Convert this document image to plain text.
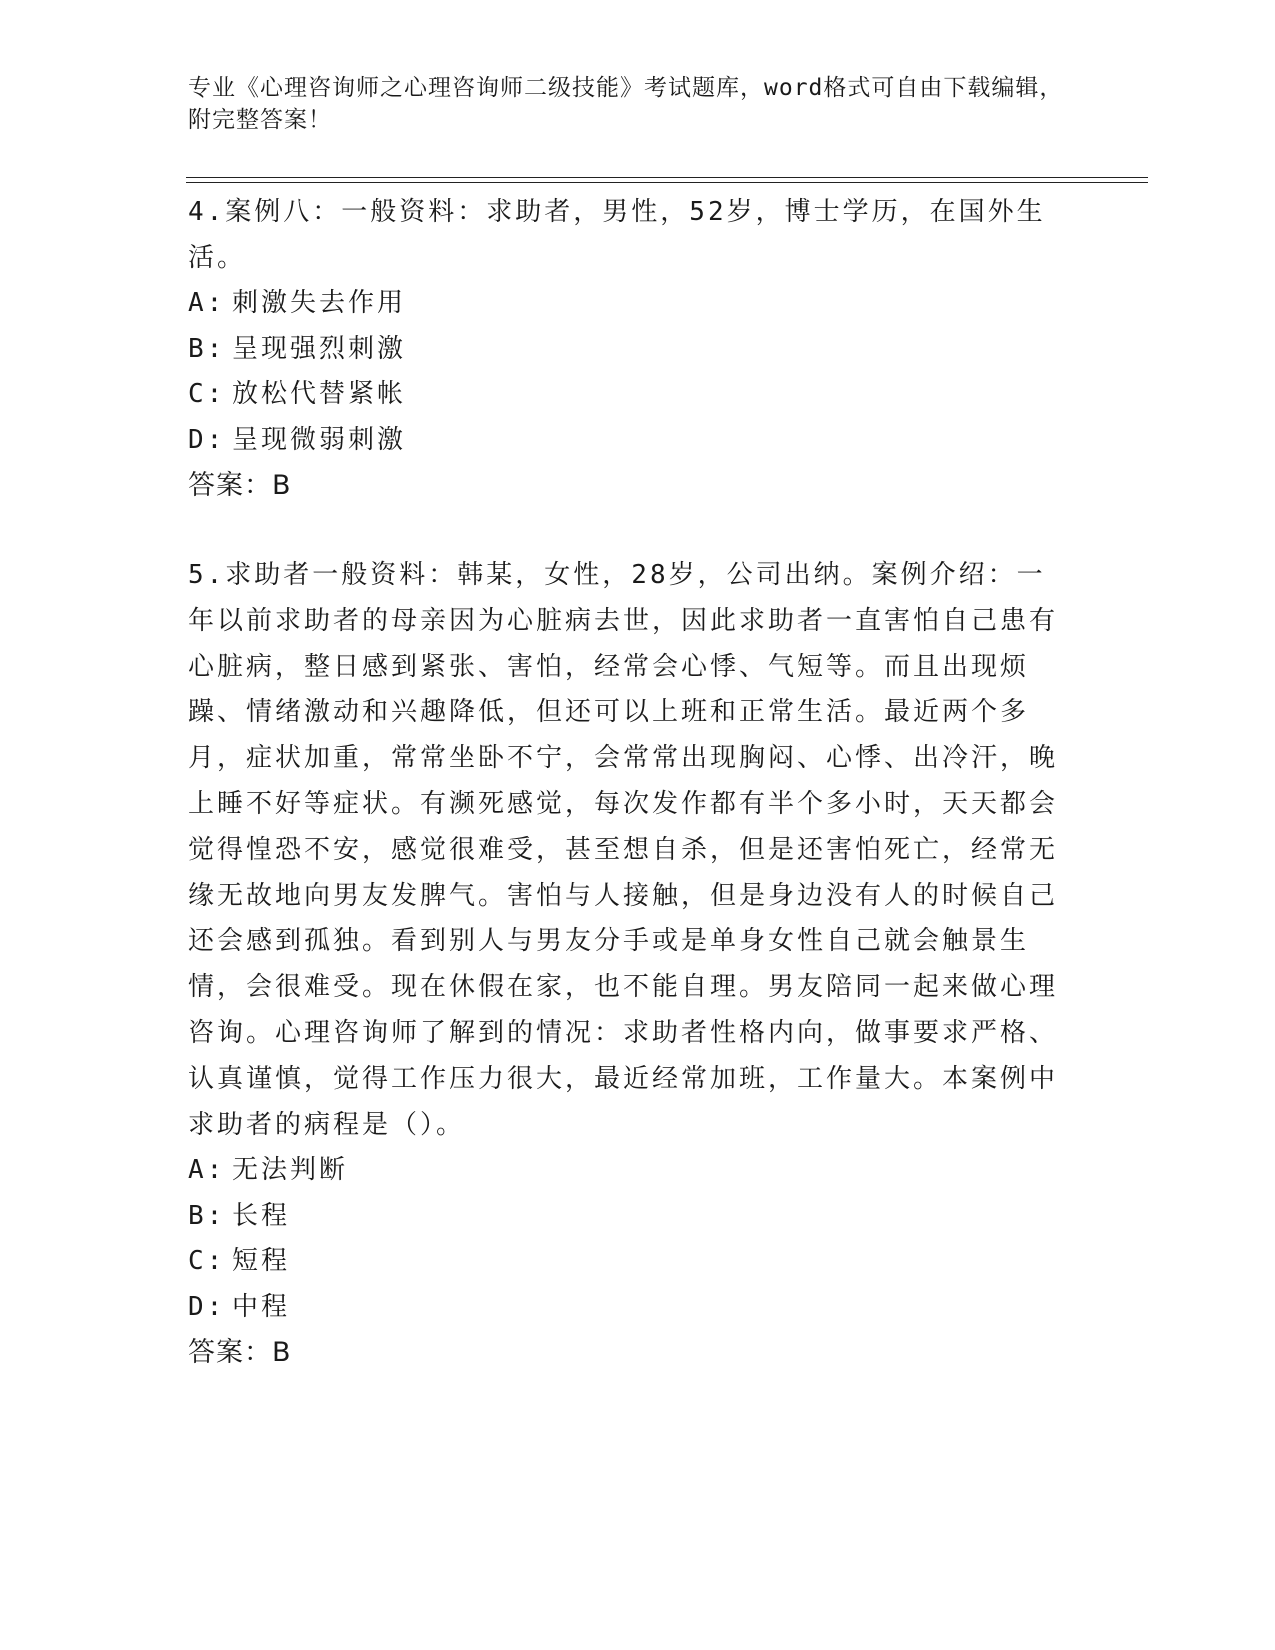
专业《心理咨询师之心理咨询师二级技能》考试题库，word格式可自由下载编辑，附完整答案！

4.案例八：一般资料：求助者，男性，52岁，博士学历，在国外生活。

A: 刺激失去作用
B: 呈现强烈刺激
C: 放松代替紧帐
D: 呈现微弱刺激
答案：B

5.求助者一般资料：韩某，女性，28岁，公司出纳。案例介绍：一年以前求助者的母亲因为心脏病去世，因此求助者一直害怕自己患有心脏病，整日感到紧张、害怕，经常会心悸、气短等。而且出现烦躁、情绪激动和兴趣降低，但还可以上班和正常生活。最近两个多月，症状加重，常常坐卧不宁，会常常出现胸闷、心悸、出冷汗，晚上睡不好等症状。有濒死感觉，每次发作都有半个多小时，天天都会觉得惶恐不安，感觉很难受，甚至想自杀，但是还害怕死亡，经常无缘无故地向男友发脾气。害怕与人接触，但是身边没有人的时候自己还会感到孤独。看到别人与男友分手或是单身女性自己就会触景生情，会很难受。现在休假在家，也不能自理。男友陪同一起来做心理咨询。心理咨询师了解到的情况：求助者性格内向，做事要求严格、认真谨慎，觉得工作压力很大，最近经常加班，工作量大。本案例中求助者的病程是（）。

A: 无法判断
B: 长程
C: 短程
D: 中程
答案：B
